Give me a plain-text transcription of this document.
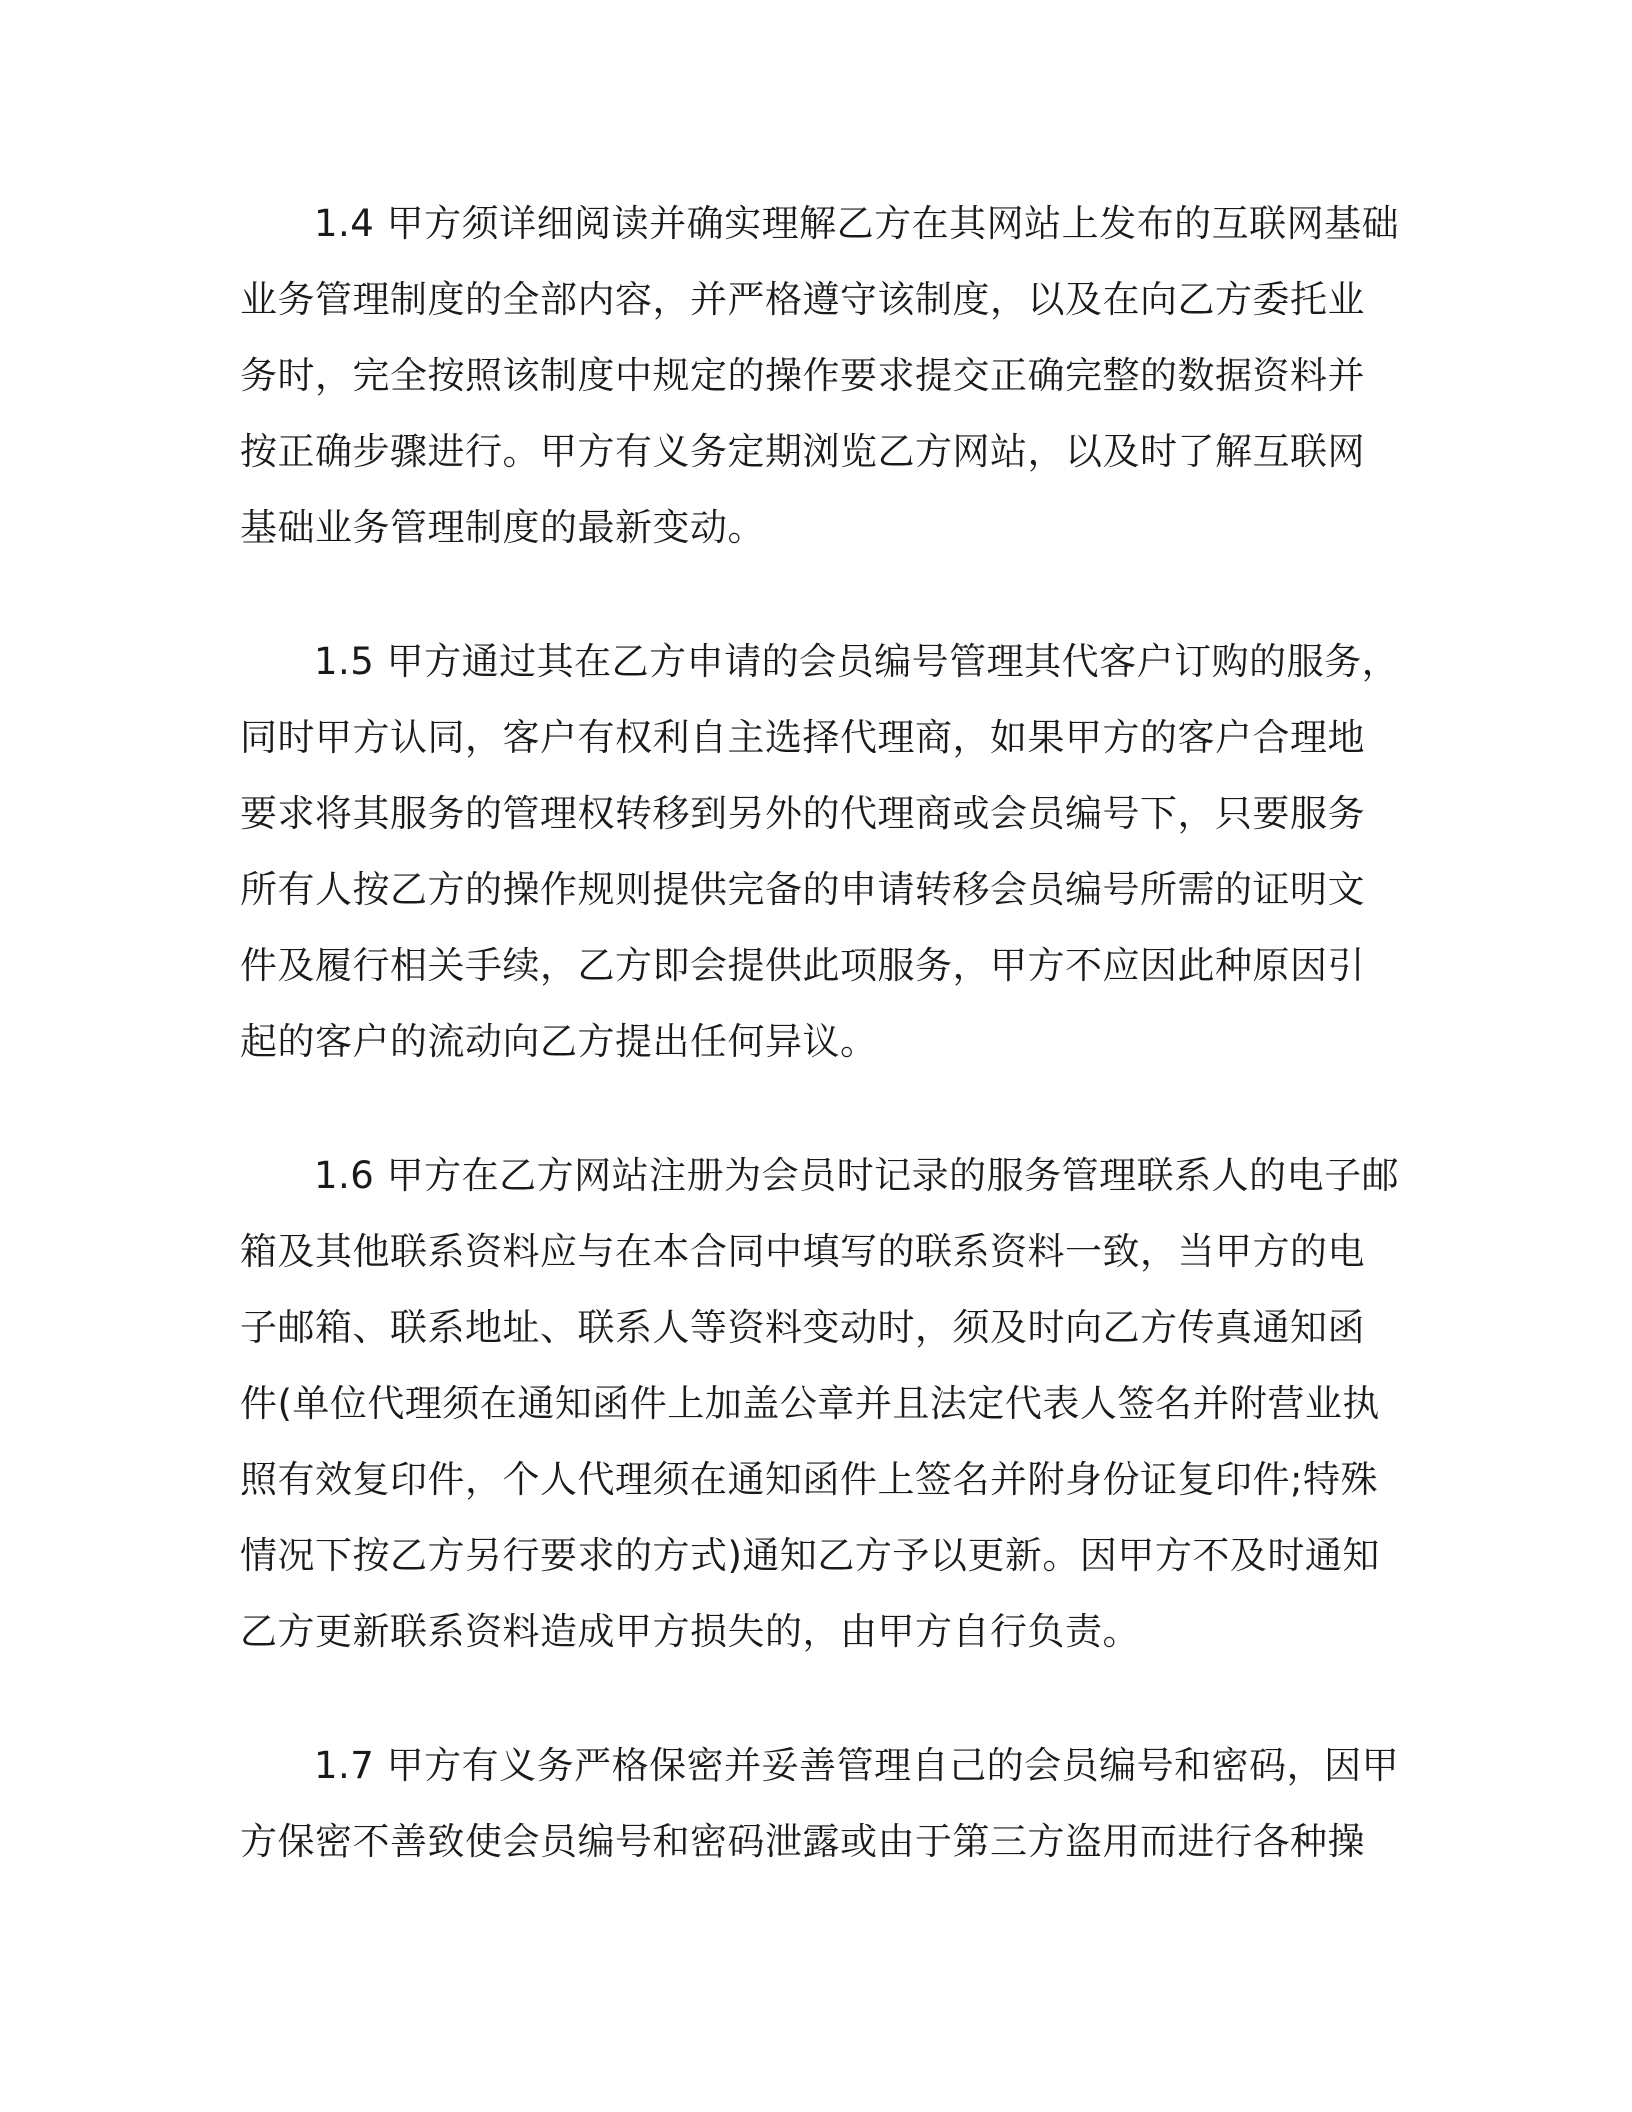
1.4 甲方须详细阅读并确实理解乙方在其网站上发布的互联网基础
业务管理制度的全部内容，并严格遵守该制度，以及在向乙方委托业
务时，完全按照该制度中规定的操作要求提交正确完整的数据资料并
按正确步骤进行。甲方有义务定期浏览乙方网站，以及时了解互联网
基础业务管理制度的最新变动。
1.5 甲方通过其在乙方申请的会员编号管理其代客户订购的服务，
同时甲方认同，客户有权利自主选择代理商，如果甲方的客户合理地
要求将其服务的管理权转移到另外的代理商或会员编号下，只要服务
所有人按乙方的操作规则提供完备的申请转移会员编号所需的证明文
件及履行相关手续，乙方即会提供此项服务，甲方不应因此种原因引
起的客户的流动向乙方提出任何异议。
1.6 甲方在乙方网站注册为会员时记录的服务管理联系人的电子邮
箱及其他联系资料应与在本合同中填写的联系资料一致，当甲方的电
子邮箱、联系地址、联系人等资料变动时，须及时向乙方传真通知函
件(单位代理须在通知函件上加盖公章并且法定代表人签名并附营业执
照有效复印件，个人代理须在通知函件上签名并附身份证复印件;特殊
情况下按乙方另行要求的方式)通知乙方予以更新。因甲方不及时通知
乙方更新联系资料造成甲方损失的，由甲方自行负责。
1.7 甲方有义务严格保密并妥善管理自己的会员编号和密码，因甲
方保密不善致使会员编号和密码泄露或由于第三方盗用而进行各种操
